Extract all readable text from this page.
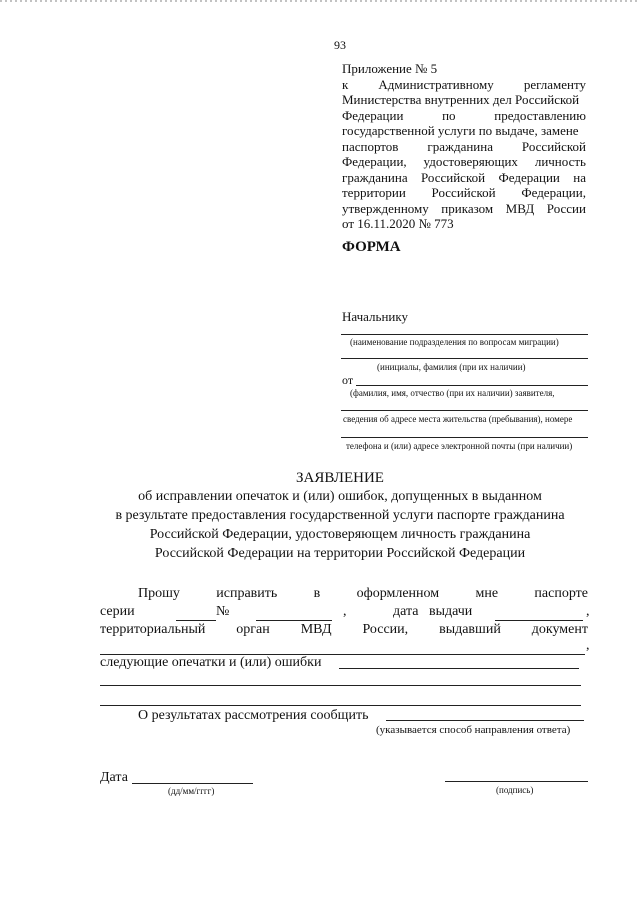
93
Приложение № 5
к Административному регламенту
Министерства внутренних дел Российской
Федерации	по	предоставлению
государственной услуги по выдаче, замене
паспортов гражданина Российской
Федерации, удостоверяющих личность
гражданина Российской Федерации на
территории Российской Федерации,
утвержденному приказом МВД России
от 16.11.2020 № 773
ФОРМА
Начальнику
(наименование подразделения по вопросам миграции)
(инициалы, фамилия (при их наличии)
от
(фамилия, имя, отчество (при их наличии) заявителя,
сведения об адресе места жительства (пребывания), номере
телефона и (или) адресе электронной почты (при наличии)
ЗАЯВЛЕНИЕ
об исправлении опечаток и (или) ошибок, допущенных в выданном
в результате предоставления государственной услуги паспорте гражданина
Российской Федерации, удостоверяющем личность гражданина
Российской Федерации на территории Российской Федерации
Прошу	исправить	в	оформленном	мне	паспорте
серии	№	,	дата   выдачи	,
территориальный орган МВД России, выдавший документ
,
следующие опечатки и (или) ошибки
О результатах рассмотрения сообщить
(указывается способ направления ответа)
Дата
(дд/мм/гггг)	(подпись)
